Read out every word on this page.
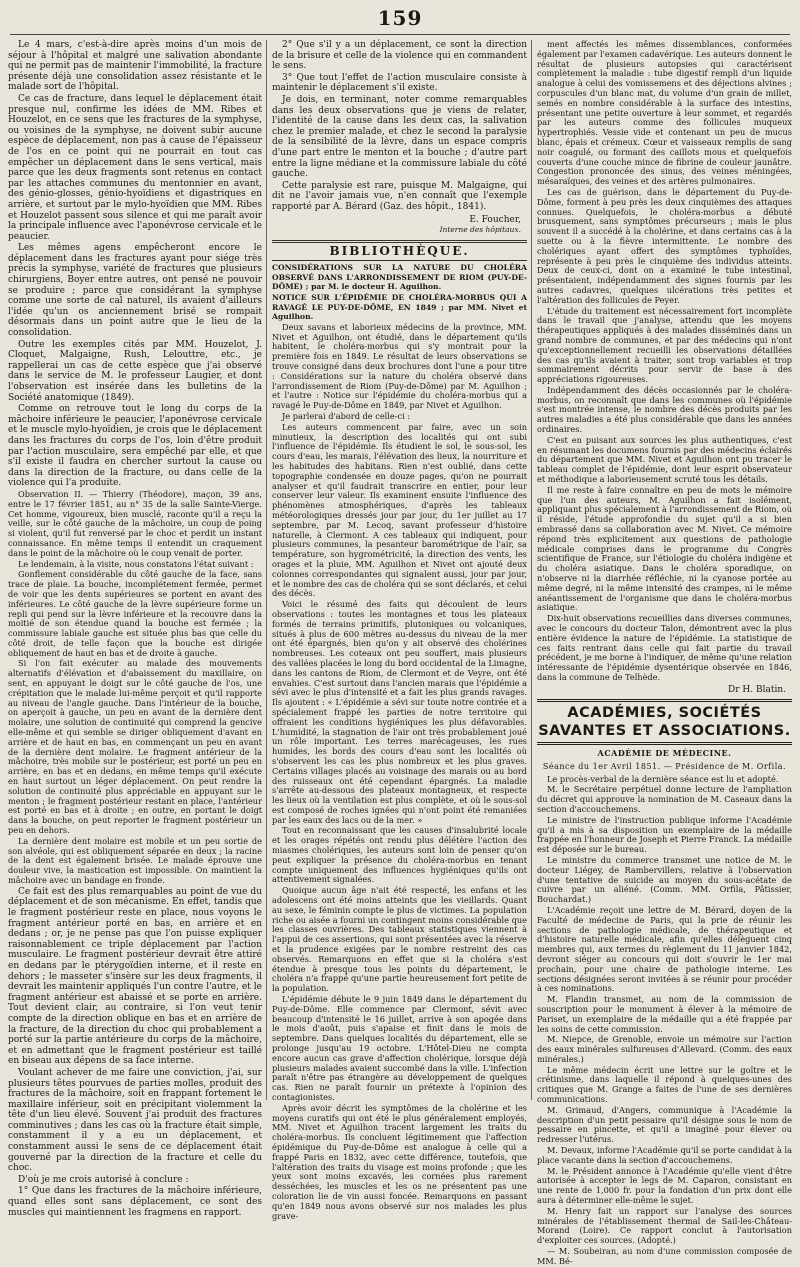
159

Le 4 mars, c'est-à-dire après moins d'un mois de séjour à l'hôpital et malgré une salivation abondante qui ne permit pas de maintenir l'immobilité, la fracture présente déjà une consolidation assez résistante et le malade sort de l'hôpital.

Ce cas de fracture, dans lequel le déplacement était presque nul, confirme les idées de MM. Ribes et Houzelot, en ce sens que les fractures de la symphyse, ou voisines de la symphyse, ne doivent subir aucune espèce de déplacement, non pas à cause de l'épaisseur de l'os en ce point qui ne pourrait en tout cas empêcher un déplacement dans le sens vertical, mais parce que les deux fragments sont retenus en contact par les attaches communes du mentonnier en avant, des génio-glosses, génio-hyoïdiens et digastriques en arrière, et surtout par le mylo-hyoïdien que MM. Ribes et Houzelot passent sous silence et qui me paraît avoir la principale influence avec l'aponévrose cervicale et le peaucier.

Les mêmes agens empêcheront encore le déplacement dans les fractures ayant pour siége très précis la symphyse, variété de fractures que plusieurs chirurgiens, Boyer entre autres, ont pensé ne pouvoir se produire ; parce que considérant la symphyse comme une sorte de cal naturel, ils avaient d'ailleurs l'idée qu'un os anciennement brisé se rompait désormais dans un point autre que le lieu de la consolidation.

Outre les exemples cités par MM. Houzelot, J. Cloquet, Malgaigne, Rush, Lelouttre, etc., je rappellerai un cas de cette espèce que j'ai observé dans le service de M. le professeur Laugier, et dont l'observation est insérée dans les bulletins de la Société anatomique (1849).

Comme on retrouve tout le long du corps de la mâchoire inférieure le peaucier, l'aponévrose cervicale et le muscle mylo-hyoïdien, je crois que le déplacement dans les fractures du corps de l'os, loin d'être produit par l'action musculaire, sera empêché par elle, et que s'il existe il faudra en chercher surtout la cause ou dans la direction de la fracture, ou dans celle de la violence qui l'a produite.

Observation II. — Thierry (Théodore), maçon, 39 ans, entre le 17 février 1851, au n° 35 de la salle Sainte-Vierge. Cet homme, vigoureux, bien musclé, raconte qu'il a reçu la veille, sur le côté gauche de la mâchoire, un coup de poing si violent, qu'il fut renversé par le choc et perdit un instant connaissance. En même temps il entendit un craquement dans le point de la mâchoire où le coup venait de porter.

Le lendemain, à la visite, nous constatons l'état suivant :

Gonflement considérable du côté gauche de la face, sans trace de plaie. La bouche, incomplétement fermée, permet de voir que les dents supérieures se portent en avant des inférieures. Le côté gauche de la lèvre supérieure forme un repli qui pend sur la lèvre inférieure et la recouvre dans la moitié de son étendue quand la bouche est fermée ; la commissure labiale gauche est située plus bas que celle du côté droit, de telle façon que la bouche est dirigée obliquement de haut en bas et de droite à gauche.

Si l'on fait exécuter au malade des mouvements alternatifs d'élévation et d'abaissement du maxillaire, on sent, en appuyant le doigt sur le côté gauche de l'os, une crépitation que le malade lui-même perçoit et qu'il rapporte au niveau de l'angle gauche. Dans l'intérieur de la bouche, on aperçoit à gauche, un peu en avant de la dernière dent molaire, une solution de continuité qui comprend la gencive elle-même et qui semble se diriger obliquement d'avant en arrière et de haut en bas, en commençant un peu en avant de la dernière dent molaire. Le fragment antérieur de la mâchoire, très mobile sur le postérieur, est porté un peu en arrière, en bas et en dedans, en même temps qu'il exécute en haut surtout un léger déplacement. On peut rendre la solution de continuité plus appréciable en appuyant sur le menton ; le fragment postérieur restant en place, l'antérieur est porté en bas et à droite ; en outre, en portant le doigt dans la bouche, on peut reporter le fragment postérieur un peu en dehors.

La dernière dent molaire est mobile et un peu sortie de son alvéole, qui est obliquement séparée en deux ; la racine de la dent est également brisée. Le malade éprouve une douleur vive, la mastication est impossible. On maintient la mâchoire avec un bandage en fronde.

Ce fait est des plus remarquables au point de vue du déplacement et de son mécanisme. En effet, tandis que le fragment postérieur reste en place, nous voyons le fragment antérieur porté en bas, en arrière et en dedans ; or, je ne pense pas que l'on puisse expliquer raisonnablement ce triple déplacement par l'action musculaire. Le fragment postérieur devrait être attiré en dedans par le ptérygoïdien interne, et il reste en dehors ; le masseter s'insère sur les deux fragments, il devrait les maintenir appliqués l'un contre l'autre, et le fragment antérieur est abaissé et se porte en arrière. Tout devient clair, au contraire, si l'on veut tenir compte de la direction oblique en bas et en arrière de la fracture, de la direction du choc qui probablement a porté sur la partie antérieure du corps de la mâchoire, et en admettant que le fragment postérieur est taillé en biseau aux dépens de sa face interne.

Voulant achever de me faire une conviction, j'ai, sur plusieurs têtes pourvues de parties molles, produit des fractures de la mâchoire, soit en frappant fortement le maxillaire inférieur, soit en précipitant violemment la tête d'un lieu élevé. Souvent j'ai produit des fractures comminutives ; dans les cas où la fracture était simple, constamment il y a eu un déplacement, et constamment aussi le sens de ce déplacement était gouverné par la direction de la fracture et celle du choc.

D'où je me crois autorisé à conclure :

1° Que dans les fractures de la mâchoire inférieure, quand elles sont sans déplacement, ce sont des muscles qui maintiennent les fragmens en rapport.

2° Que s'il y a un déplacement, ce sont la direction de la brisure et celle de la violence qui en commandent le sens.

3° Que tout l'effet de l'action musculaire consiste à maintenir le déplacement s'il existe.

Je dois, en terminant, noter comme remarquables dans les deux observations que je viens de relater, l'identité de la cause dans les deux cas, la salivation chez le premier malade, et chez le second la paralysie de la sensibilité de la lèvre, dans un espace compris d'une part entre le menton et la bouche ; d'autre part entre la ligne médiane et la commissure labiale du côté gauche.

Cette paralysie est rare, puisque M. Malgaigne, qui dit ne l'avoir jamais vue, n'en connaît que l'exemple rapporté par A. Bérard (Gaz. des hôpit., 1841).

E. Foucher,
Interne des hôpitaux.
BIBLIOTHÈQUE.

CONSIDÉRATIONS SUR LA NATURE DU CHOLÉRA OBSERVÉ DANS L'ARRONDISSEMENT DE RIOM (PUY-DE-DÔME) ; par M. le docteur H. Aguilhon.

NOTICE SUR L'ÉPIDÉMIE DE CHOLÉRA-MORBUS QUI A RAVAGÉ LE PUY-DE-DÔME, EN 1849 ; par MM. Nivet et Aguilhon.

Deux savans et laborieux médecins de la province, MM. Nivet et Aguilhon, ont étudié, dans le département qu'ils habitent, le choléra-morbus qui s'y montrait pour la première fois en 1849. Le résultat de leurs observations se trouve consigné dans deux brochures dont l'une a pour titre : Considérations sur la nature du choléra observé dans l'arrondissement de Riom (Puy-de-Dôme) par M. Aguilhon ; et l'autre : Notice sur l'épidémie du choléra-morbus qui a ravagé le Puy-de-Dôme en 1849, par Nivet et Aguilhon.

Je parlerai d'abord de celle-ci :

Les auteurs commencent par faire, avec un soin minutieux, la description des localités qui ont subi l'influence de l'épidémie. Ils étudient le sol, le sous-sol, les cours d'eau, les marais, l'élévation des lieux, la nourriture et les habitudes des habitans. Rien n'est oublié, dans cette topographie condensée en douze pages, qu'on ne pourrait analyser et qu'il faudrait transcrire en entier, pour leur conserver leur valeur. Ils examinent ensuite l'influence des phénomènes atmosphériques, d'après les tableaux météorologiques dressés jour par jour, du 1er juillet au 17 septembre, par M. Lecoq, savant professeur d'histoire naturelle, à Clermont. A ces tableaux qui indiquent, pour plusieurs communes, la pesanteur barométrique de l'air, sa température, son hygrométricité, la direction des vents, les orages et la pluie, MM. Aguilhon et Nivet ont ajouté deux colonnes correspondantes qui signalent aussi, jour par jour, et le nombre des cas de choléra qui se sont déclarés, et celui des décès.

Voici le résumé des faits qui découlent de leurs observations : toutes les montagnes et tous les plateaux formés de terrains primitifs, plutoniques ou volcaniques, situés à plus de 600 mètres au-dessus du niveau de la mer ont été épargnés, bien qu'on y ait observé des cholérines nombreuses. Les coteaux ont peu souffert, mais plusieurs des vallées placées le long du bord occidental de la Limagne, dans les cantons de Riom, de Clermont et de Veyre, ont été envahies. C'est surtout dans l'ancien marais que l'épidémie a sévi avec le plus d'intensité et a fait les plus grands ravages. Ils ajoutent : « L'épidémie a sévi sur toute notre contrée et a spécialement frappé les parties de notre territoire qui offraient les conditions hygiéniques les plus défavorables. L'humidité, la stagnation de l'air ont très probablement joué un rôle important. Les terres marécageuses, les rues humides, les bords des cours d'eau sont les localités où s'observent les cas les plus nombreux et les plus graves. Certains villages placés au voisinage des marais ou au bord des ruisseaux ont été cependant épargnés. La maladie s'arrête au-dessous des plateaux montagneux, et respecte les lieux où la ventilation est plus complète, et où le sous-sol est composé de roches ignées qui n'ont point été remaniées par les eaux des lacs ou de la mer. »

Tout en reconnaissant que les causes d'insalubrité locale et les orages répétés ont rendu plus délétère l'action des miasmes cholériques, les auteurs sont loin de penser qu'on peut expliquer la présence du choléra-morbus en tenant compte uniquement des influences hygiéniques qu'ils ont attentivement signalées.

Quoique aucun âge n'ait été respecté, les enfans et les adolescens ont été moins atteints que les vieillards. Quant au sexe, le féminin compte le plus de victimes. La population riche ou aisée a fourni un contingent moins considérable que les classes ouvrières. Des tableaux statistiques viennent à l'appui de ces assertions, qui sont présentées avec la réserve et la prudence exigées par le nombre restreint des cas observés. Remarquons en effet que si la choléra s'est étendue à presque tous les points du département, le choléra n'a frappé qu'une partie heureusement fort petite de la population.

L'épidémie débute le 9 juin 1849 dans le département du Puy-de-Dôme. Elle commence par Clermont, sévit avec beaucoup d'intensité le 16 juillet, arrive à son apogée dans le mois d'août, puis s'apaise et finit dans le mois de septembre. Dans quelques localités du département, elle se prolonge jusqu'au 19 octobre. L'Hôtel-Dieu ne compta encore aucun cas grave d'affection cholérique, lorsque déjà plusieurs malades avaient succombé dans la ville. L'infection paraît n'être pas étrangère au développement de quelques cas. Rien ne paraît fournir un prétexte à l'opinion des contagionistes.

Après avoir décrit les symptômes de la cholérine et les moyens curatifs qui ont été le plus généralement employés, MM. Nivet et Aguilhon tracent largement les traits du choléra-morbus. Ils concluent légitimement que l'affection épidémique du Puy-de-Dôme est analogue à celle qui a frappé Paris en 1832, avec cette différence, toutefois, que l'altération des traits du visage est moins profonde ; que les yeux sont moins excavés, les cornées plus rarement desséchées, les muscles et les os ne présentent pas une coloration lie de vin aussi foncée. Remarquons en passant qu'en 1849 nous avons observé sur nos malades les plus grave-

ment affectés les mêmes dissemblances, conformées également par l'examen cadavérique. Les auteurs donnent le résultat de plusieurs autopsies qui caractérisent complètement la maladie : tube digestif rempli d'un liquide analogue à celui des vomissemens et des déjections alvines ; corpuscules d'un blanc mat, du volume d'un grain de millet, semés en nombre considérable à la surface des intestins, présentant une petite ouverture à leur sommet, et regardés par les auteurs comme des follicules muqueux hypertrophiés. Vessie vide et contenant un peu de mucus blanc, épais et crémeux. Cœur et vaisseaux remplis de sang noir coagulé, ou formant des caillots mous et quelquefois couverts d'une couche mince de fibrine de couleur jaunâtre. Congestion prononcée des sinus, des veines méningées, mésaraïques, des veines et des artères pulmonaires.

Les cas de guérison, dans le département du Puy-de-Dôme, forment à peu près les deux cinquièmes des attaques connues. Quelquefois, le choléra-morbus a débuté brusquement, sans symptômes précurseurs ; mais le plus souvent il a succédé à la cholérine, et dans certains cas à la suette ou à la fièvre intermittente. Le nombre des cholériques ayant offert des symptômes typhoïdes, représente à peu près le cinquième des individus atteints. Deux de ceux-ci, dont on a examiné le tube intestinal, présentaient, indépendamment des signes fournis par les autres cadavres, quelques ulcérations très petites et l'altération des follicules de Peyer.

L'étude du traitement est nécessairement fort incomplète dans le travail que j'analyse, attendu que les moyens thérapeutiques appliqués à des malades disséminés dans un grand nombre de communes, et par des médecins qui n'ont qu'exceptionnellement recueilli les observations détaillées des cas qu'ils avaient à traiter, sont trop variables et trop sommairement décrits pour servir de base à des appréciations rigoureuses.

Indépendamment des décès occasionnés par le choléra-morbus, on reconnaît que dans les communes où l'épidémie s'est montrée intense, le nombre des décès produits par les autres maladies a été plus considérable que dans les années ordinaires.

C'est en puisant aux sources les plus authentiques, c'est en résumant les documens fournis par des médecins éclairés du département que MM. Nivet et Aguilhon ont pu tracer le tableau complet de l'épidémie, dont leur esprit observateur et méthodique a laborieusement scruté tous les détails.

Il me reste à faire connaître en peu de mots le mémoire que l'un des auteurs, M. Aguilhon a fait isolément, appliquant plus spécialement à l'arrondissement de Riom, où il réside, l'étude approfondie du sujet qu'il a si bien embrassé dans sa collaboration avec M. Nivet. Ce mémoire répond très explicitement aux questions de pathologie médicale comprises dans le programme du Congrès scientifique de France, sur l'étiologie du choléra indigène et du choléra asiatique. Dans le choléra sporadique, on n'observe ni la diarrhée réfléchie, ni la cyanose portée au même degré, ni la même intensité des crampes, ni le même anéantissement de l'organisme que dans le choléra-morbus asiatique.

Dix-huit observations recueillies dans diverses communes, avec le concours du docteur Talon, démontrent avec la plus entière évidence la nature de l'épidémie. La statistique de ces faits rentrant dans celle qui fait partie du travail précédent, je me borne à l'indiquer, de même qu'une relation intéressante de l'épidémie dysentérique observée en 1846, dans la commune de Telhède.

Dr H. Blatin.
ACADÉMIES, SOCIÉTÉS SAVANTES ET ASSOCIATIONS.
ACADÉMIE DE MÉDECINE.
Séance du 1er Avril 1851. — Présidence de M. Orfila.

Le procès-verbal de la dernière séance est lu et adopté.

M. le Secrétaire perpétuel donne lecture de l'ampliation du décret qui approuve la nomination de M. Caseaux dans la section d'accouchemens.

Le ministre de l'instruction publique informe l'Académie qu'il a mis à sa disposition un exemplaire de la médaille frappée en l'honneur de Joseph et Pierre Franck. La médaille est déposée sur le bureau.

Le ministre du commerce transmet une notice de M. le docteur Liégey, de Rambervillers, relative à l'observation d'une tentative de suicide au moyen du sous-acétate de cuivre par un aliéné. (Comm. MM. Orfila, Pâtissier, Bouchardat.)

L'Académie reçoit une lettre de M. Bérard, doyen de la Faculté de médecine de Paris, qui la prie de réunir les sections de pathologie médicale, de thérapeutique et d'histoire naturelle médicale, afin qu'elles délèguent cinq membres qui, aux termes du règlement du 11 janvier 1842, devront siéger au concours qui doit s'ouvrir le 1er mai prochain, pour une chaire de pathologie interne. Les sections désignées seront invitées à se réunir pour procéder à ces nominations.

M. Flandin transmet, au nom de la commission de souscription pour le monument à élever à la mémoire de Pariset, un exemplaire de la médaille qui a été frappée par les soins de cette commission.

M. Niepce, de Grenoble, envoie un mémoire sur l'action des eaux minérales sulfureuses d'Allevard. (Comm. des eaux minérales.)

Le même médecin écrit une lettre sur le goître et le crétinisme, dans laquelle il répond à quelques-unes des critiques que M. Grange a faites de l'une de ses dernières communications.

M. Grimaud, d'Angers, communique à l'Académie la description d'un petit pessaire qu'il désigne sous le nom de pessaire en pincette, et qu'il a imaginé pour élever ou redresser l'utérus.

M. Devaux, informe l'Académie qu'il se porte candidat à la place vacante dans la section d'accouchemens.

M. le Président annonce à l'Académie qu'elle vient d'être autorisée à accepter le legs de M. Caparon, consistant en une rente de 1,000 fr. pour la fondation d'un prix dont elle aura à déterminer elle-même le sujet.

M. Henry fait un rapport sur l'analyse des sources minérales de l'établissement thermal de Sail-les-Château-Morand (Loire). Ce rapport conclut à l'autorisation d'exploiter ces sources. (Adopté.)

— M. Soubeiran, au nom d'une commission composée de MM. Bé-
